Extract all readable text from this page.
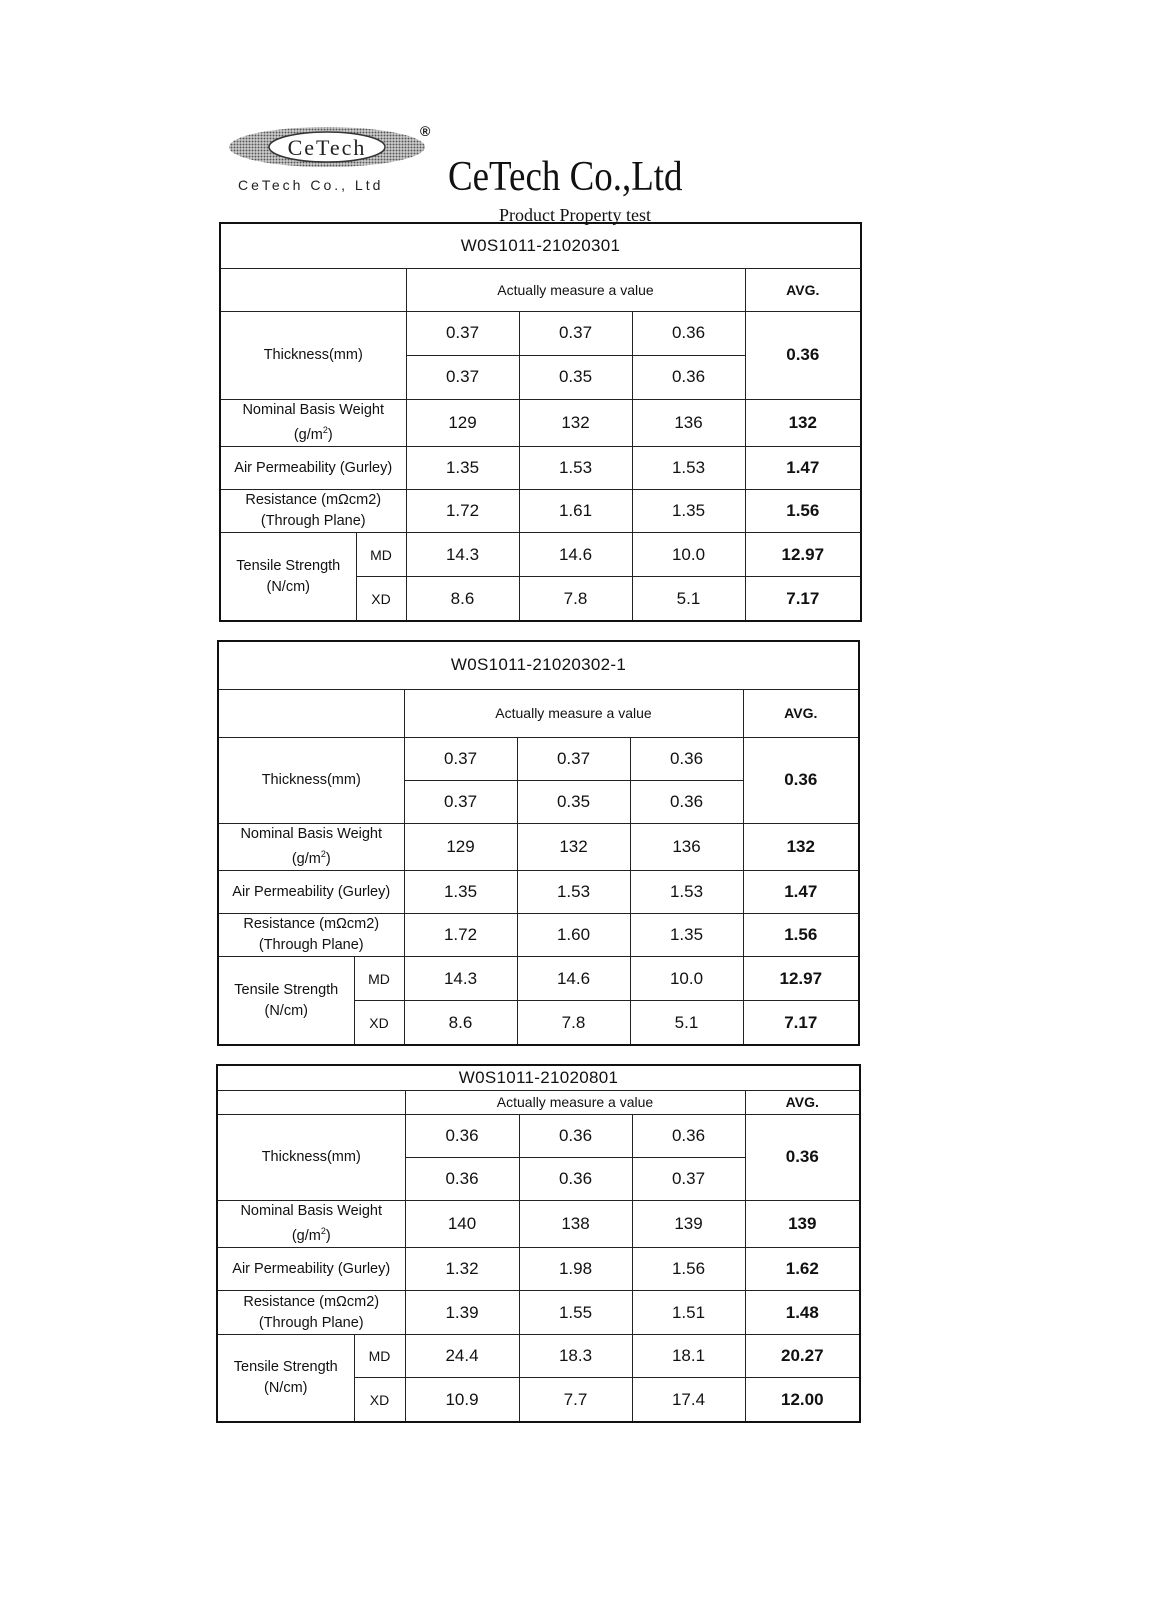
CeTech
CeTech Co., Ltd
®
CeTech Co.,Ltd
Product Property test
W0S1011-21020301					
		Actually measure a value			AVG.
Thickness(mm)		0.37	0.37	0.36	0.36
		0.37	0.35	0.36	
Nominal Basis Weight
$(g/m^2)$		129	132	136	132
Air Permeability (Gurley)		1.35	1.53	1.53	1.47
Resistance (mΩcm2)
(Through Plane)		1.72	1.61	1.35	1.56
Tensile Strength
(N/cm)	MD	14.3	14.6	10.0	12.97
	XD	8.6	7.8	5.1	7.17
W0S1011-21020302-1					
		Actually measure a value			AVG.
Thickness(mm)		0.37	0.37	0.36	0.36
		0.37	0.35	0.36	
Nominal Basis Weight
$(g/m^2)$		129	132	136	132
Air Permeability (Gurley)		1.35	1.53	1.53	1.47
Resistance (mΩcm2)
(Through Plane)		1.72	1.60	1.35	1.56
Tensile Strength
(N/cm)	MD	14.3	14.6	10.0	12.97
	XD	8.6	7.8	5.1	7.17
W0S1011-21020801					
		Actually measure a value			AVG.
Thickness(mm)		0.36	0.36	0.36	0.36
		0.36	0.36	0.37	
Nominal Basis Weight
$(g/m^2)$		140	138	139	139
Air Permeability (Gurley)		1.32	1.98	1.56	1.62
Resistance (mΩcm2)
(Through Plane)		1.39	1.55	1.51	1.48
Tensile Strength
(N/cm)	MD	24.4	18.3	18.1	20.27
	XD	10.9	7.7	17.4	12.00
